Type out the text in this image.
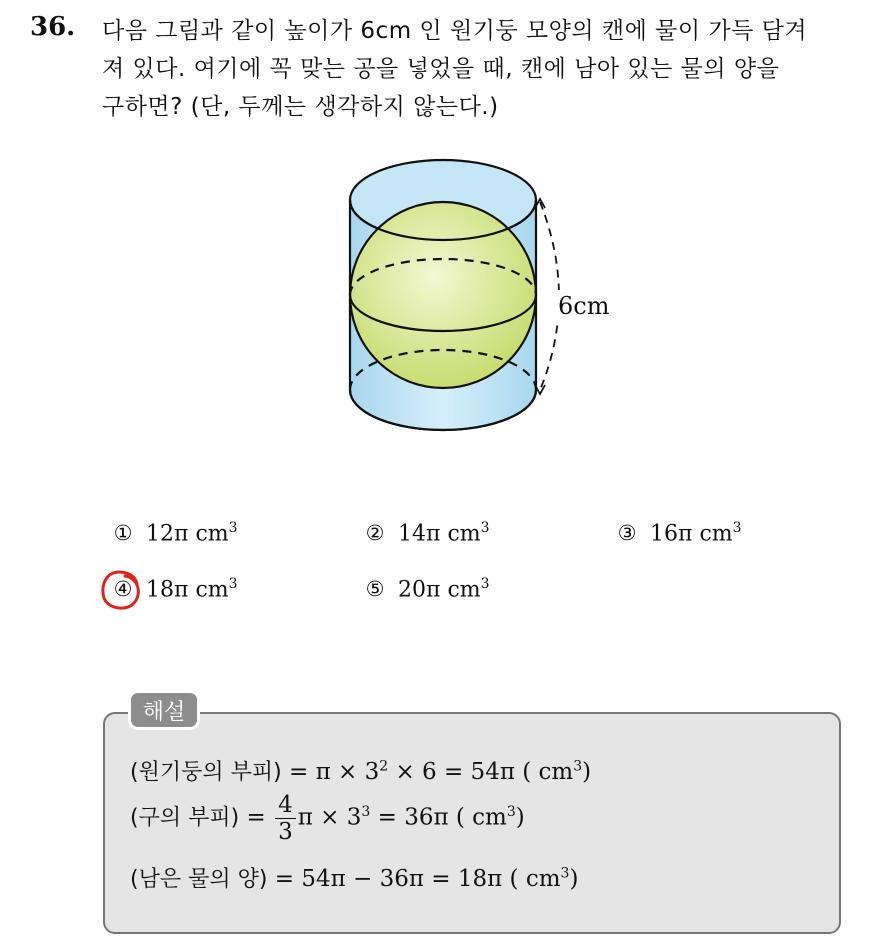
36. 다음 그림과 같이 높이가 6cm 인 원기둥 모양의 캔에 물이 가득 담겨
져 있다. 여기에 꼭 맞는 공을 넣었을 때, 캔에 남아 있는 물의 양을
구하면? (단, 두께는 생각하지 않는다.)
6cm
① 12π $cm^3$	② 14π $cm^3$	③ 16π $cm^3$
④ 18π $cm^3$	⑤ 20π $cm^3$
해설
(원기둥의 부피) = $\pi \times 3^2 \times 6 = 54\pi$ ( $cm^3$)
(구의 부피) = $\frac{4}{3}$ $\pi \times 3^3 = 36\pi$ ( $cm^3$)
(남은 물의 양) = 54π − 36π = 18π ( $cm^3$)
